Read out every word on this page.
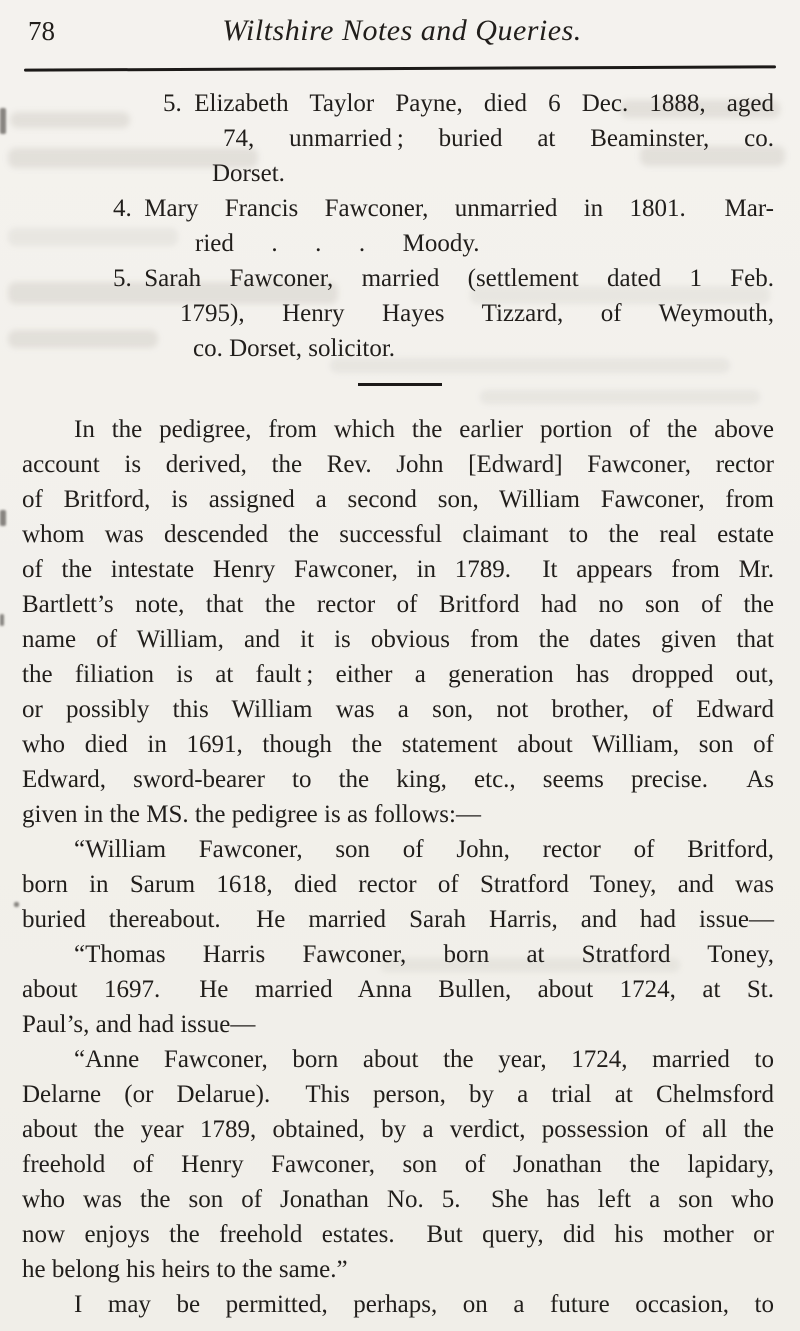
78	Wiltshire Notes and Queries.
5. Elizabeth Taylor Payne, died 6 Dec. 1888, aged
74, unmarried ; buried at Beaminster, co.
Dorset.
4. Mary Francis Fawconer, unmarried in 1801.  Mar-
ried  .  .  .  Moody.
5. Sarah Fawconer, married (settlement dated 1 Feb.
1795), Henry Hayes Tizzard, of Weymouth,
co. Dorset, solicitor.
In the pedigree, from which the earlier portion of the above
account is derived, the Rev. John [Edward] Fawconer, rector
of Britford, is assigned a second son, William Fawconer, from
whom was descended the successful claimant to the real estate
of the intestate Henry Fawconer, in 1789.  It appears from Mr.
Bartlett’s note, that the rector of Britford had no son of the
name of William, and it is obvious from the dates given that
the filiation is at fault ; either a generation has dropped out,
or possibly this William was a son, not brother, of Edward
who died in 1691, though the statement about William, son of
Edward, sword-bearer to the king, etc., seems precise.  As
given in the MS. the pedigree is as follows:—
“William Fawconer, son of John, rector of Britford,
born in Sarum 1618, died rector of Stratford Toney, and was
buried thereabout.  He married Sarah Harris, and had issue—
“Thomas Harris Fawconer, born at Stratford Toney,
about 1697.  He married Anna Bullen, about 1724, at St.
Paul’s, and had issue—
“Anne Fawconer, born about the year, 1724, married to
Delarne (or Delarue).  This person, by a trial at Chelmsford
about the year 1789, obtained, by a verdict, possession of all the
freehold of Henry Fawconer, son of Jonathan the lapidary,
who was the son of Jonathan No. 5.  She has left a son who
now enjoys the freehold estates.  But query, did his mother or
he belong his heirs to the same.”
I may be permitted, perhaps, on a future occasion, to
